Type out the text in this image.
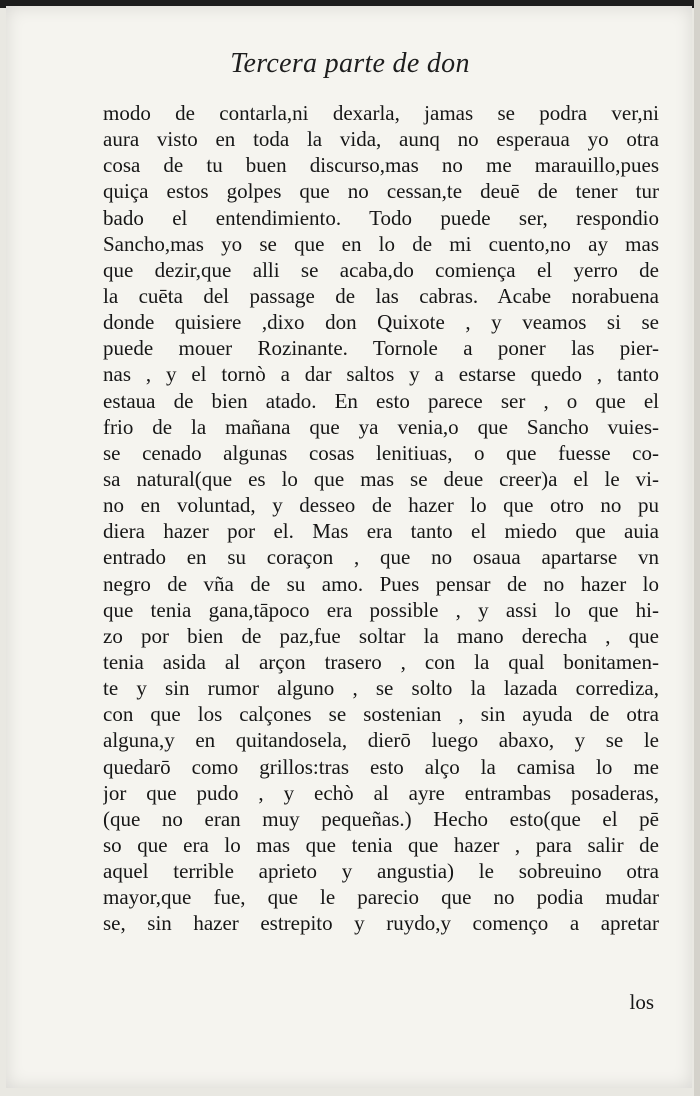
Tercera parte de don
modo de contarla,ni dexarla, jamas se podra ver,ni
aura visto en toda la vida, aunq no esperaua yo otra
cosa de tu buen discurso,mas no me marauillo,pues
quiça estos golpes que no cessan,te deuē de tener tur
bado el entendimiento. Todo puede ser, respondio
Sancho,mas yo se que en lo de mi cuento,no ay mas
que dezir,que alli se acaba,do comiença el yerro de
la cuēta del passage de las cabras. Acabe norabuena
donde quisiere ,dixo don Quixote , y veamos si se
puede mouer Rozinante. Tornole a poner las pier-
nas , y el tornò a dar saltos y a estarse quedo , tanto
estaua de bien atado. En esto parece ser , o que el
frio de la mañana que ya venia,o que Sancho vuies-
se cenado algunas cosas lenitiuas, o que fuesse co-
sa natural(que es lo que mas se deue creer)a el le vi-
no en voluntad, y desseo de hazer lo que otro no pu
diera hazer por el. Mas era tanto el miedo que auia
entrado en su coraçon , que no osaua apartarse vn
negro de vña de su amo. Pues pensar de no hazer lo
que tenia gana,tāpoco era possible , y assi lo que hi-
zo por bien de paz,fue soltar la mano derecha , que
tenia asida al arçon trasero , con la qual bonitamen-
te y sin rumor alguno , se solto la lazada corrediza,
con que los calçones se sostenian , sin ayuda de otra
alguna,y en quitandosela, dierō luego abaxo, y se le
quedarō como grillos:tras esto alço la camisa lo me
jor que pudo , y echò al ayre entrambas posaderas,
(que no eran muy pequeñas.) Hecho esto(que el pē
so que era lo mas que tenia que hazer , para salir de
aquel terrible aprieto y angustia) le sobreuino otra
mayor,que fue, que le parecio que no podia mudar
se, sin hazer estrepito y ruydo,y començo a apretar
los
